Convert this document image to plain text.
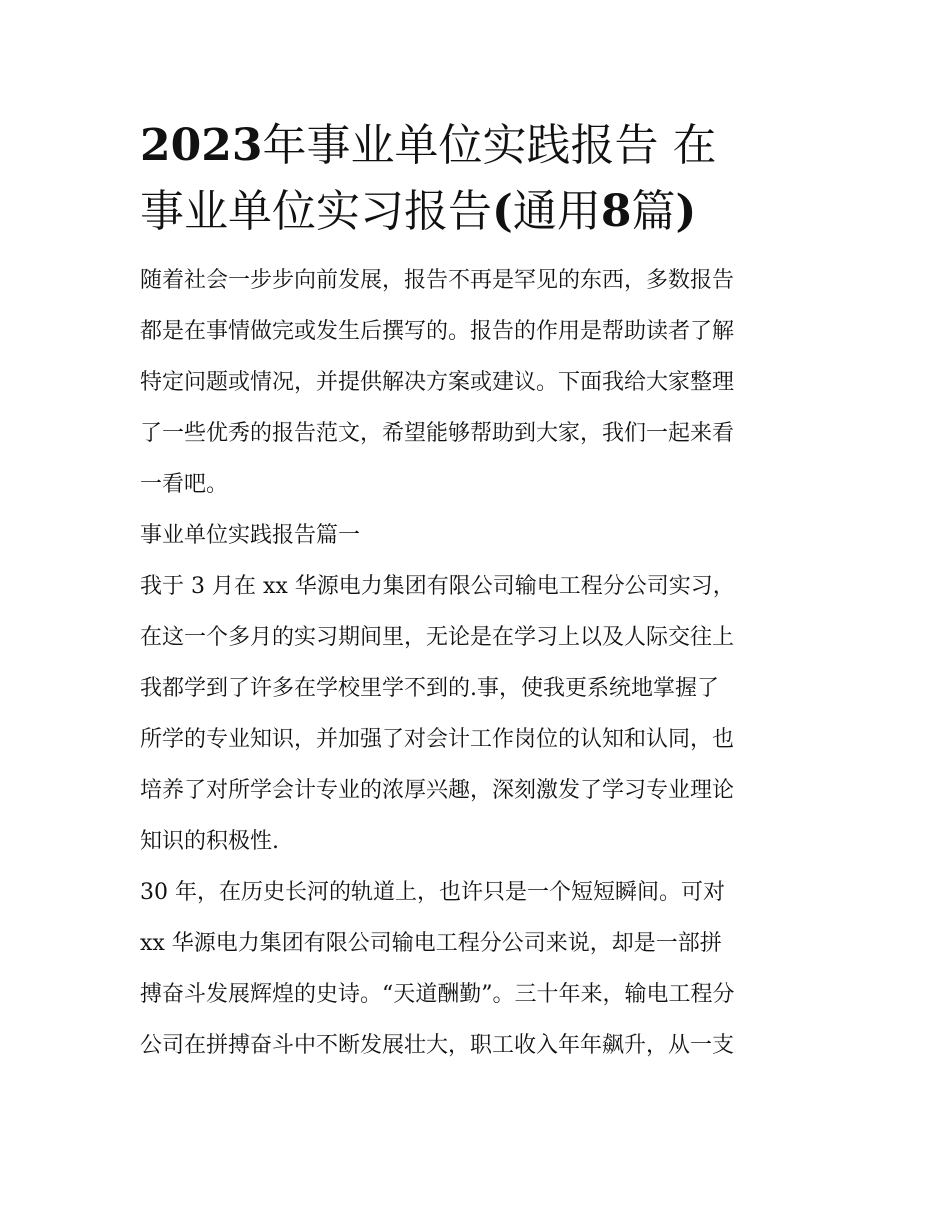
2023年事业单位实践报告 在
事业单位实习报告(通用8篇)
随着社会一步步向前发展，报告不再是罕见的东西，多数报告
都是在事情做完或发生后撰写的。报告的作用是帮助读者了解
特定问题或情况，并提供解决方案或建议。下面我给大家整理
了一些优秀的报告范文，希望能够帮助到大家，我们一起来看
一看吧。
事业单位实践报告篇一
我于 3 月在 xx 华源电力集团有限公司输电工程分公司实习，
在这一个多月的实习期间里，无论是在学习上以及人际交往上
我都学到了许多在学校里学不到的.事，使我更系统地掌握了
所学的专业知识，并加强了对会计工作岗位的认知和认同，也
培养了对所学会计专业的浓厚兴趣，深刻激发了学习专业理论
知识的积极性.
30 年，在历史长河的轨道上，也许只是一个短短瞬间。可对
xx 华源电力集团有限公司输电工程分公司来说，却是一部拼
搏奋斗发展辉煌的史诗。“天道酬勤”。三十年来，输电工程分
公司在拼搏奋斗中不断发展壮大，职工收入年年飙升，从一支
